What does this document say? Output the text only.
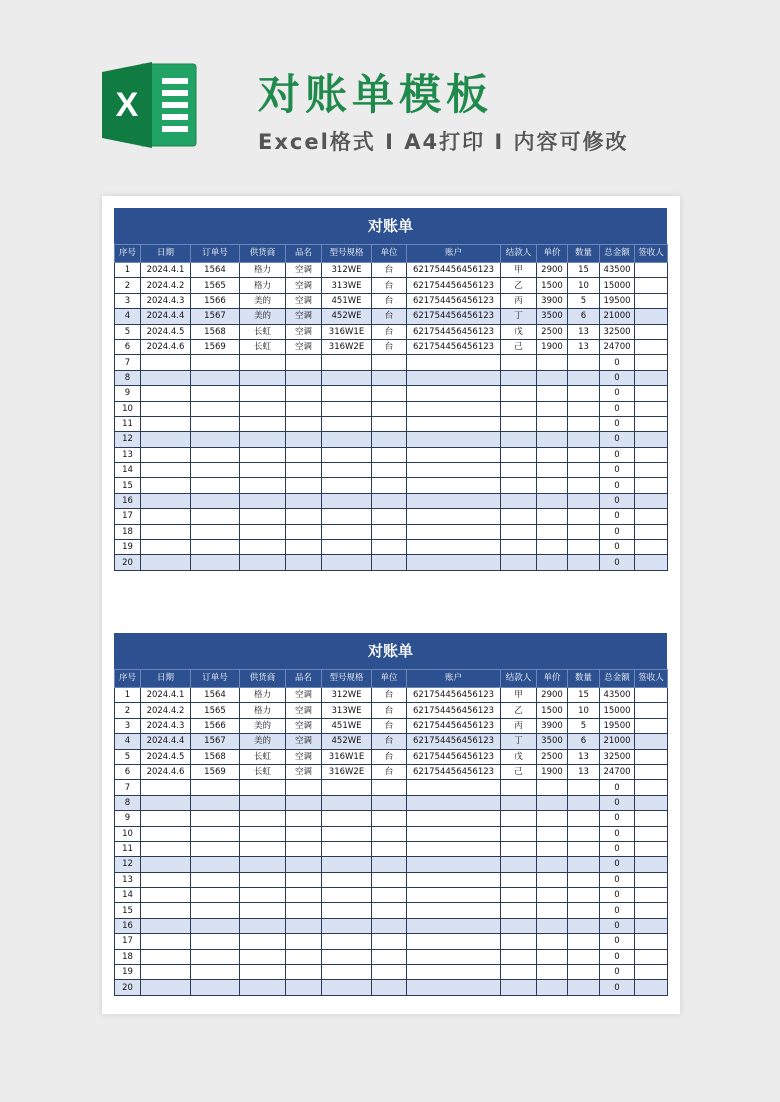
X	对账单模板
Excel格式 I A4打印 I 内容可修改
对账单
序号	日期	订单号	供货商	品名	型号规格	单位	账户	结款人	单价	数量	总金额	签收人
1	2024.4.1	1564	格力	空调	312WE	台	621754456456123	甲	2900	15	43500	
2	2024.4.2	1565	格力	空调	313WE	台	621754456456123	乙	1500	10	15000	
3	2024.4.3	1566	美的	空调	451WE	台	621754456456123	丙	3900	5	19500	
4	2024.4.4	1567	美的	空调	452WE	台	621754456456123	丁	3500	6	21000	
5	2024.4.5	1568	长虹	空调	316W1E	台	621754456456123	戊	2500	13	32500	
6	2024.4.6	1569	长虹	空调	316W2E	台	621754456456123	己	1900	13	24700	
7											0	
8											0	
9											0	
10											0	
11											0	
12											0	
13											0	
14											0	
15											0	
16											0	
17											0	
18											0	
19											0	
20											0	
对账单
序号	日期	订单号	供货商	品名	型号规格	单位	账户	结款人	单价	数量	总金额	签收人
1	2024.4.1	1564	格力	空调	312WE	台	621754456456123	甲	2900	15	43500	
2	2024.4.2	1565	格力	空调	313WE	台	621754456456123	乙	1500	10	15000	
3	2024.4.3	1566	美的	空调	451WE	台	621754456456123	丙	3900	5	19500	
4	2024.4.4	1567	美的	空调	452WE	台	621754456456123	丁	3500	6	21000	
5	2024.4.5	1568	长虹	空调	316W1E	台	621754456456123	戊	2500	13	32500	
6	2024.4.6	1569	长虹	空调	316W2E	台	621754456456123	己	1900	13	24700	
7											0	
8											0	
9											0	
10											0	
11											0	
12											0	
13											0	
14											0	
15											0	
16											0	
17											0	
18											0	
19											0	
20											0	
